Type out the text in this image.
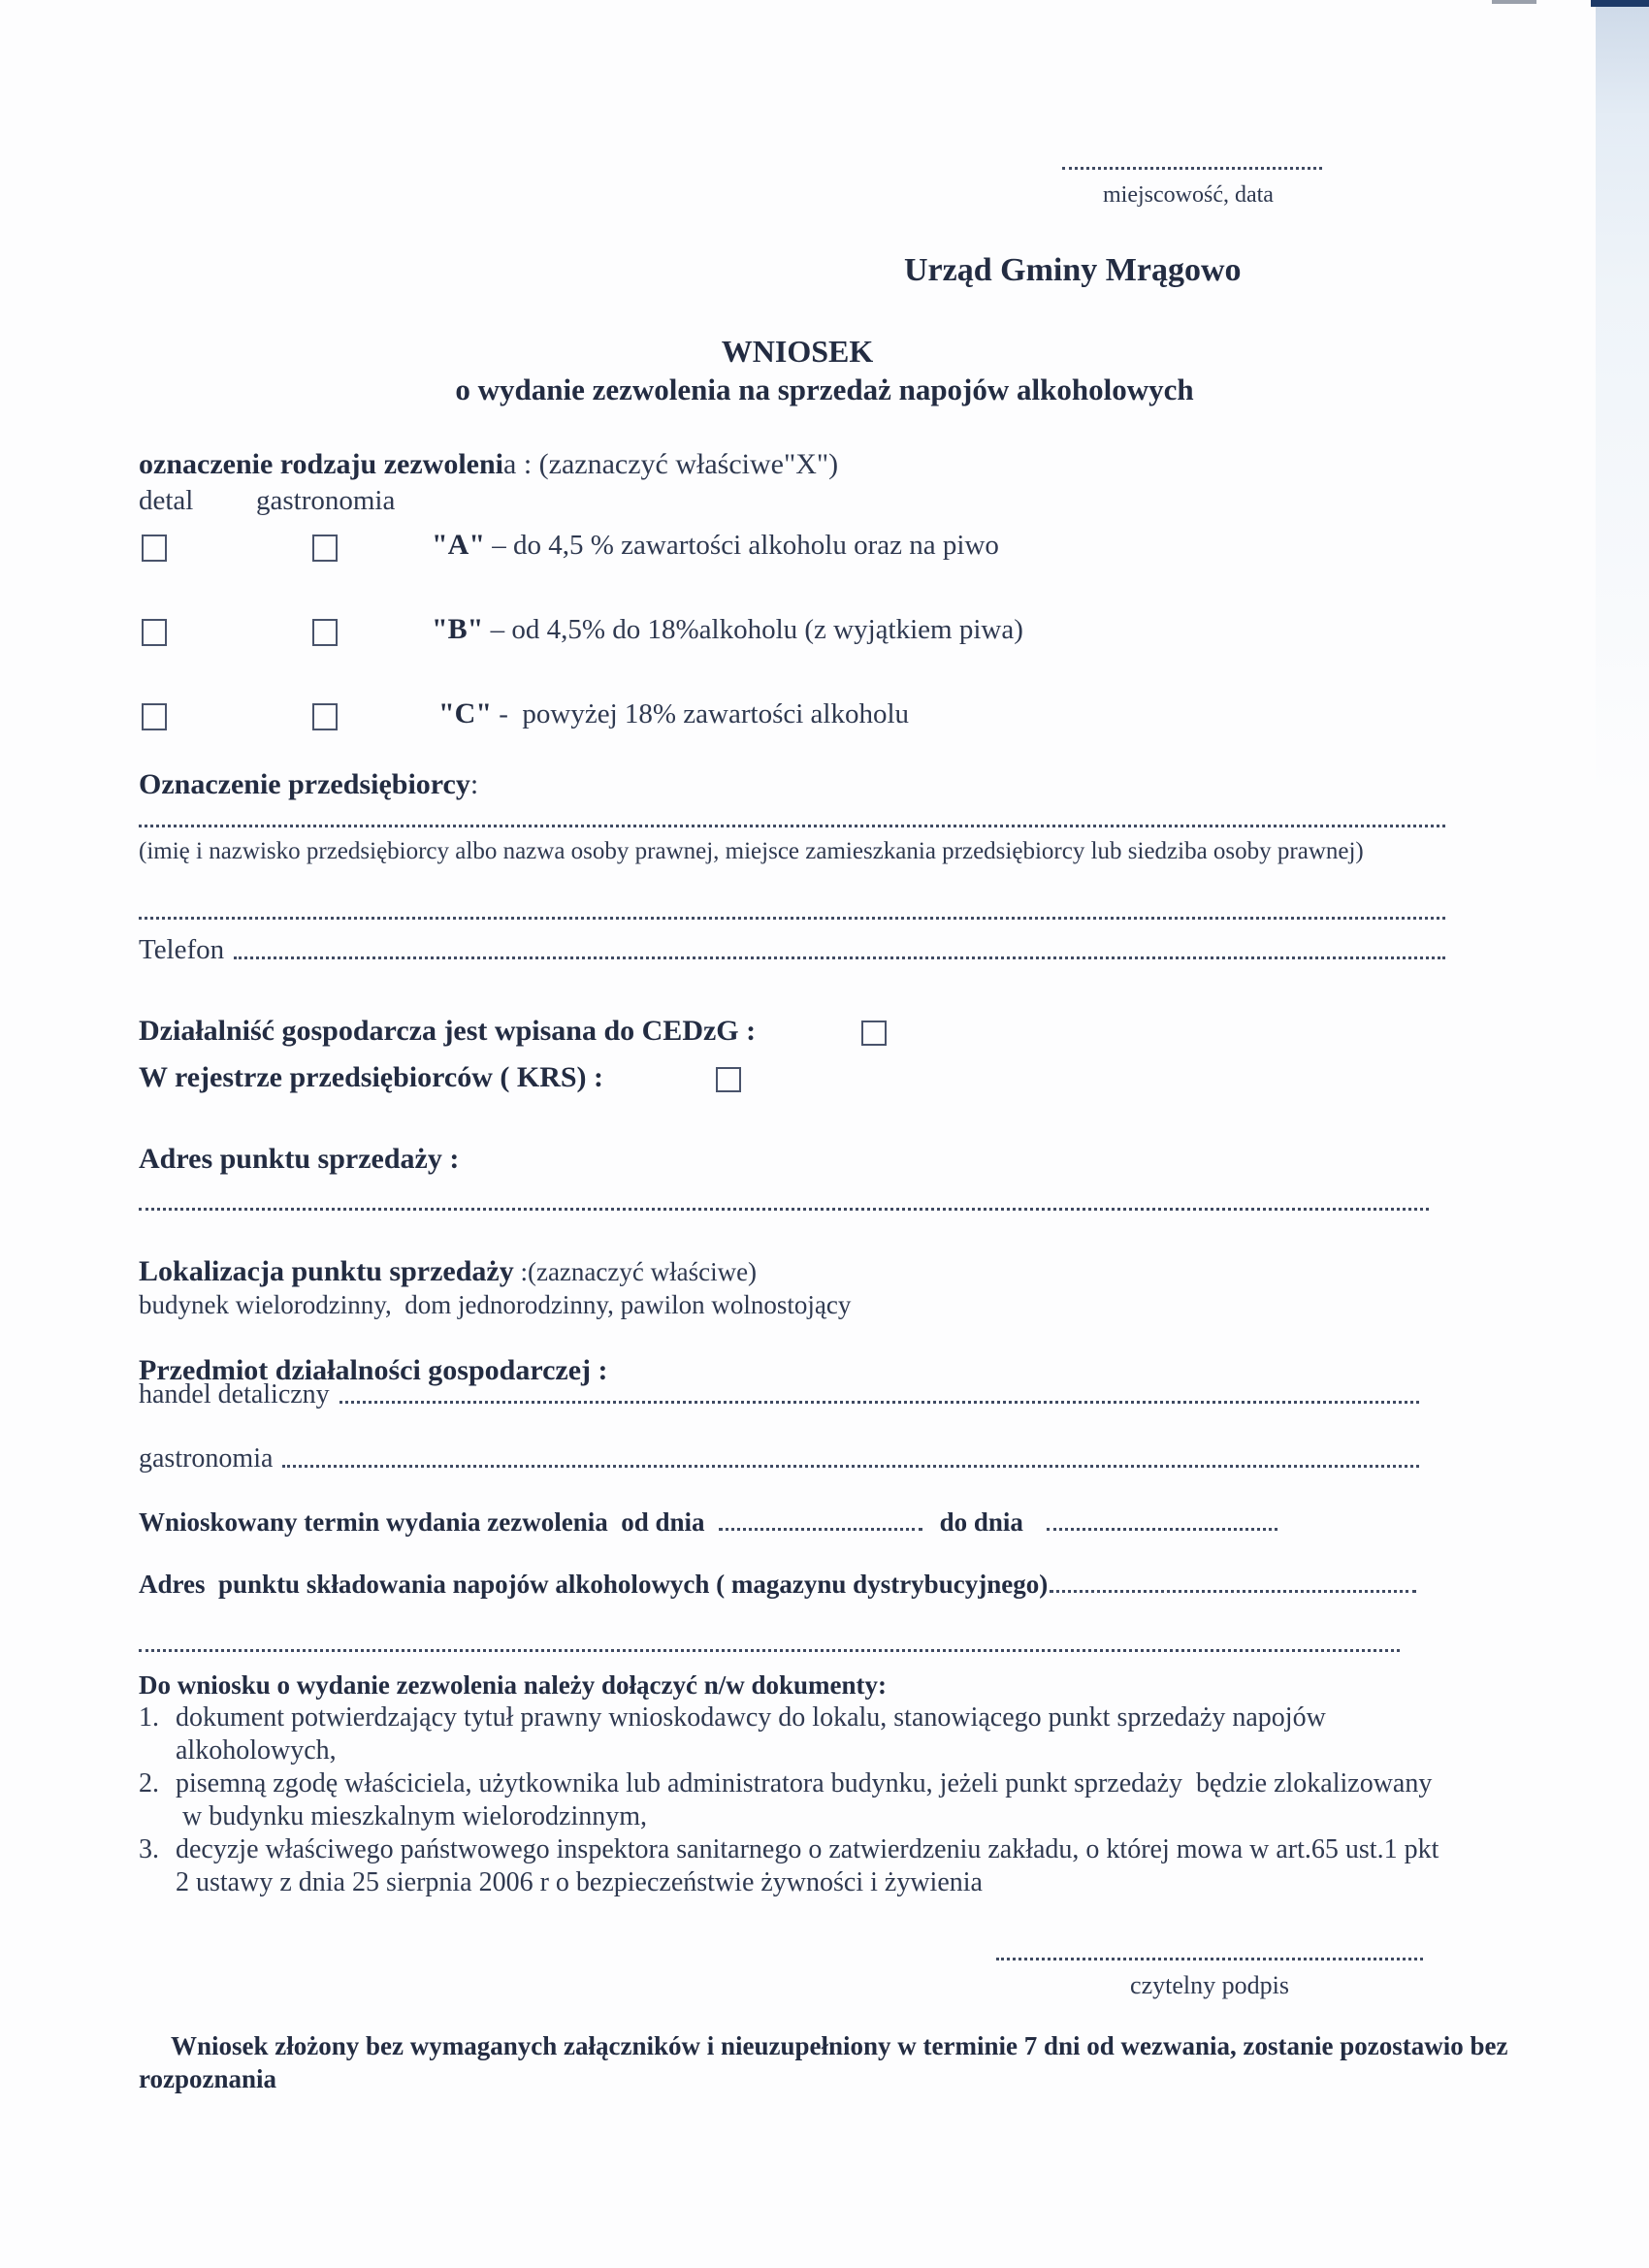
miejscowość, data
Urząd Gminy Mrągowo
WNIOSEK
o wydanie zezwolenia na sprzedaż napojów alkoholowych
oznaczenie rodzaju zezwolenia : (zaznaczyć właściwe"X")
detal gastronomia
"A" – do 4,5 % zawartości alkoholu oraz na piwo
"B" – od 4,5% do 18%alkoholu (z wyjątkiem piwa)
"C" -  powyżej 18% zawartości alkoholu
Oznaczenie przedsiębiorcy:
(imię i nazwisko przedsiębiorcy albo nazwa osoby prawnej, miejsce zamieszkania przedsiębiorcy lub siedziba osoby prawnej)
Telefon
Działalniść gospodarcza jest wpisana do CEDzG :
W rejestrze przedsiębiorców ( KRS) :
Adres punktu sprzedaży :
Lokalizacja punktu sprzedaży :(zaznaczyć właściwe)
budynek wielorodzinny,  dom jednorodzinny, pawilon wolnostojący
Przedmiot działalności gospodarczej :
handel detaliczny
gastronomia
Wnioskowany termin wydania zezwolenia  od dnia	do dnia
Adres  punktu składowania napojów alkoholowych ( magazynu dystrybucyjnego)
Do wniosku o wydanie zezwolenia należy dołączyć n/w dokumenty:
1. dokument potwierdzający tytuł prawny wnioskodawcy do lokalu, stanowiącego punkt sprzedaży napojów
alkoholowych,
2. pisemną zgodę właściciela, użytkownika lub administratora budynku, jeżeli punkt sprzedaży  będzie zlokalizowany
w budynku mieszkalnym wielorodzinnym,
3. decyzje właściwego państwowego inspektora sanitarnego o zatwierdzeniu zakładu, o której mowa w art.65 ust.1 pkt
2 ustawy z dnia 25 sierpnia 2006 r o bezpieczeństwie żywności i żywienia
czytelny podpis
Wniosek złożony bez wymaganych załączników i nieuzupełniony w terminie 7 dni od wezwania, zostanie pozostawio bez
rozpoznania
